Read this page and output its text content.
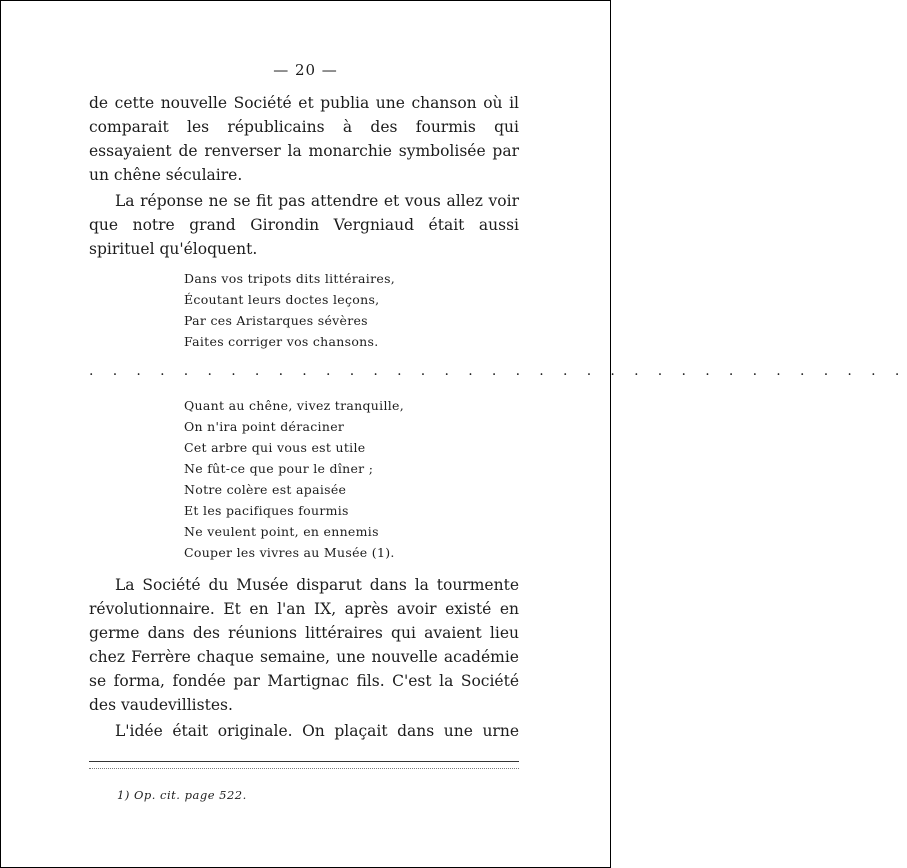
— 20 —

de cette nouvelle Société et publia une chanson où il comparait les républicains à des fourmis qui essayaient de renverser la monarchie symbolisée par un chêne séculaire.

La réponse ne se fit pas attendre et vous allez voir que notre grand Girondin Vergniaud était aussi spirituel qu'éloquent.

Dans vos tripots dits littéraires,
Écoutant leurs doctes leçons,
Par ces Aristarques sévères
Faites corriger vos chansons.
. . . . . . . . . . . . . . . . . . . . . . . . . . . . . . . . . . .
Quant au chêne, vivez tranquille,
On n'ira point déraciner
Cet arbre qui vous est utile
Ne fût-ce que pour le dîner ;
Notre colère est apaisée
Et les pacifiques fourmis
Ne veulent point, en ennemis
Couper les vivres au Musée (1).

La Société du Musée disparut dans la tourmente révolutionnaire. Et en l'an IX, après avoir existé en germe dans des réunions littéraires qui avaient lieu chez Ferrère chaque semaine, une nouvelle académie se forma, fondée par Martignac fils. C'est la Société des vaudevillistes.

L'idée était originale. On plaçait dans une urne

1) Op. cit. page 522.
